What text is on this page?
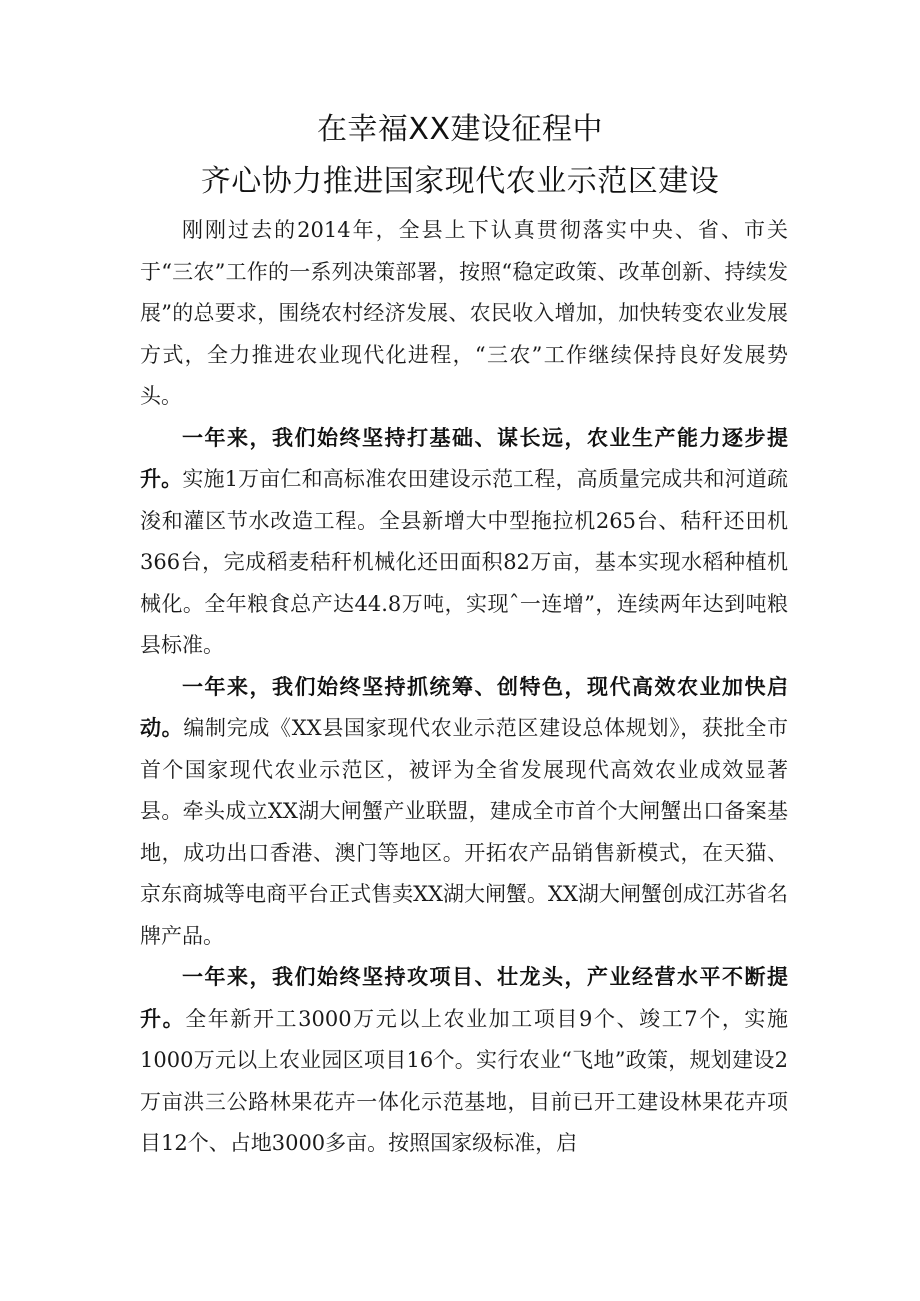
在幸福XX建设征程中
齐心协力推进国家现代农业示范区建设

刚刚过去的2014年，全县上下认真贯彻落实中央、省、市关于“三农”工作的一系列决策部署，按照“稳定政策、改革创新、持续发展”的总要求，围绕农村经济发展、农民收入增加，加快转变农业发展方式，全力推进农业现代化进程，“三农”工作继续保持良好发展势头。

一年来，我们始终坚持打基础、谋长远，农业生产能力逐步提升。实施1万亩仁和高标准农田建设示范工程，高质量完成共和河道疏浚和灌区节水改造工程。全县新增大中型拖拉机265台、秸秆还田机366台，完成稻麦秸秆机械化还田面积82万亩，基本实现水稻种植机械化。全年粮食总产达44.8万吨，实现ˆ一连增”，连续两年达到吨粮县标准。

一年来，我们始终坚持抓统筹、创特色，现代高效农业加快启动。编制完成《XX县国家现代农业示范区建设总体规划》，获批全市首个国家现代农业示范区，被评为全省发展现代高效农业成效显著县。牵头成立XX湖大闸蟹产业联盟，建成全市首个大闸蟹出口备案基地，成功出口香港、澳门等地区。开拓农产品销售新模式，在天猫、京东商城等电商平台正式售卖XX湖大闸蟹。XX湖大闸蟹创成江苏省名牌产品。

一年来，我们始终坚持攻项目、壮龙头，产业经营水平不断提升。全年新开工3000万元以上农业加工项目9个、竣工7个，实施1000万元以上农业园区项目16个。实行农业“飞地”政策，规划建设2万亩洪三公路林果花卉一体化示范基地，目前已开工建设林果花卉项目12个、占地3000多亩。按照国家级标准，启
